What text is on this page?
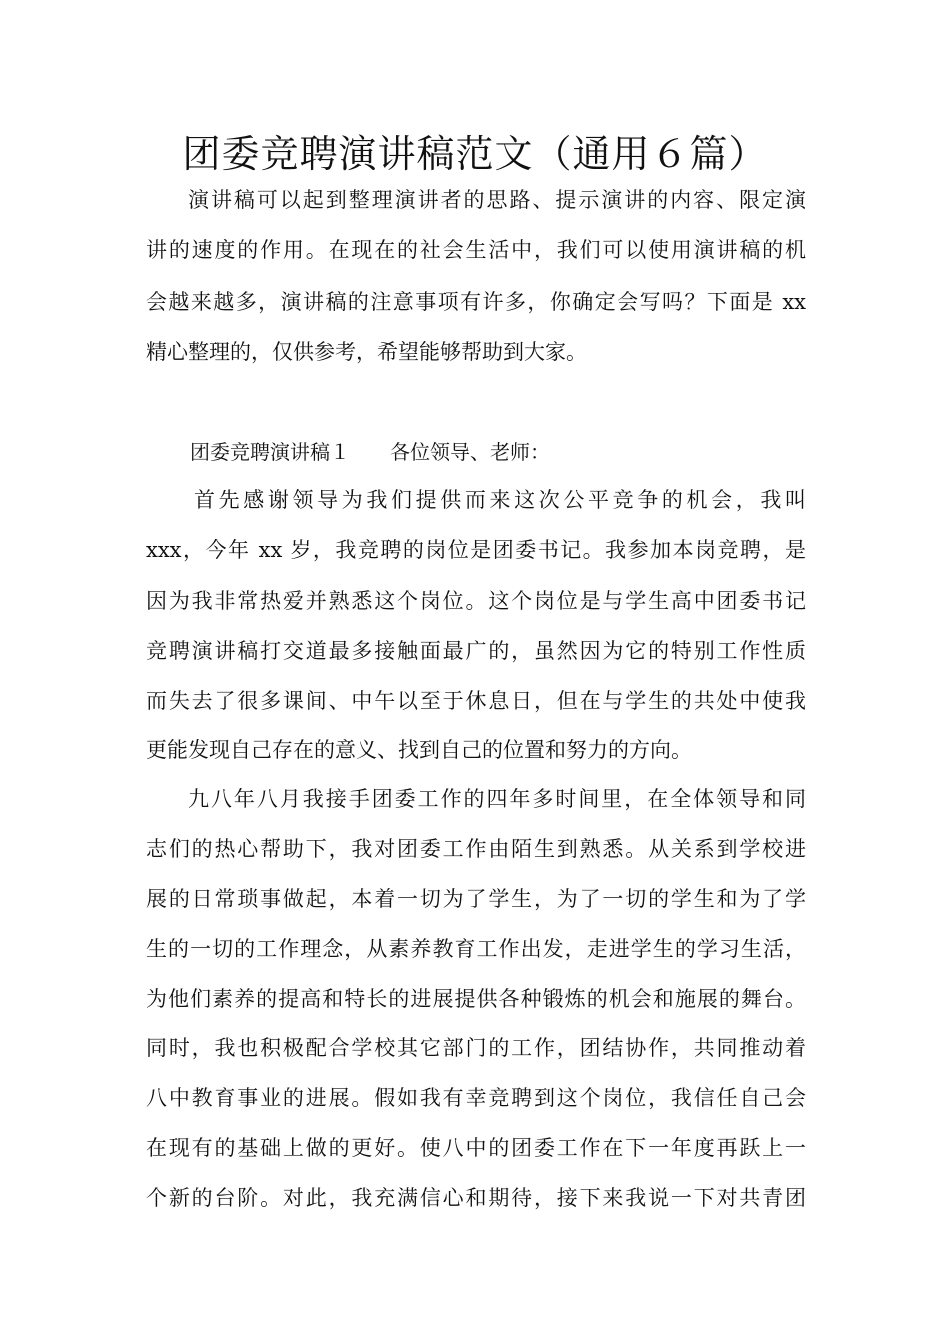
团委竞聘演讲稿范文（通用６篇）

演讲稿可以起到整理演讲者的思路、提示演讲的内容、限定演

讲的速度的作用。在现在的社会生活中，我们可以使用演讲稿的机

会越来越多，演讲稿的注意事项有许多，你确定会写吗？下面是 xx

精心整理的，仅供参考，希望能够帮助到大家。

团委竞聘演讲稿１ 各位领导、老师：

首先感谢领导为我们提供而来这次公平竞争的机会，我叫

xxx，今年 xx 岁，我竞聘的岗位是团委书记。我参加本岗竞聘，是

因为我非常热爱并熟悉这个岗位。这个岗位是与学生高中团委书记

竞聘演讲稿打交道最多接触面最广的，虽然因为它的特别工作性质

而失去了很多课间、中午以至于休息日，但在与学生的共处中使我

更能发现自己存在的意义、找到自己的位置和努力的方向。

九八年八月我接手团委工作的四年多时间里，在全体领导和同

志们的热心帮助下，我对团委工作由陌生到熟悉。从关系到学校进

展的日常琐事做起，本着一切为了学生，为了一切的学生和为了学

生的一切的工作理念，从素养教育工作出发，走进学生的学习生活，

为他们素养的提高和特长的进展提供各种锻炼的机会和施展的舞台。

同时，我也积极配合学校其它部门的工作，团结协作，共同推动着

八中教育事业的进展。假如我有幸竞聘到这个岗位，我信任自己会

在现有的基础上做的更好。使八中的团委工作在下一年度再跃上一

个新的台阶。对此，我充满信心和期待，接下来我说一下对共青团
